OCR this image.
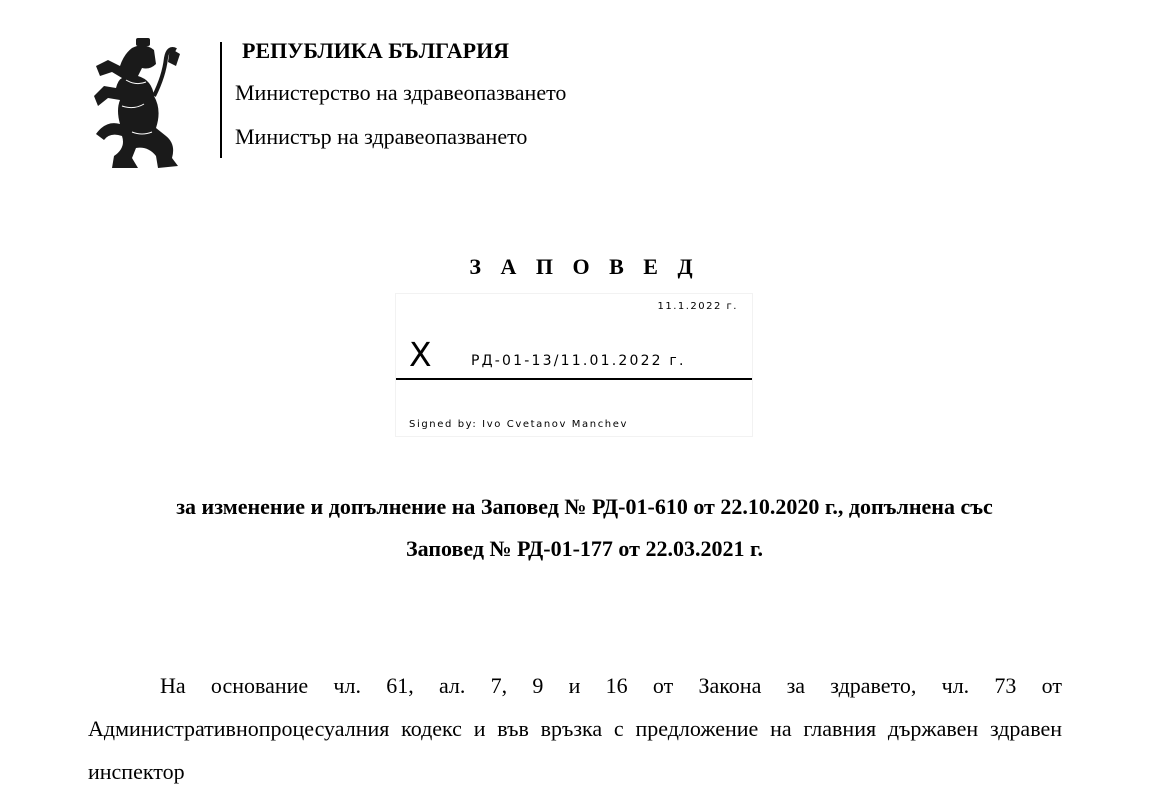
РЕПУБЛИКА БЪЛГАРИЯ
Министерство на здравеопазването
Министър на здравеопазването
З А П О В Е Д
11.1.2022 г.
X	РД-01-13/11.01.2022 г.
Signed by: Ivo Cvetanov Manchev
за изменение и допълнение на Заповед № РД-01-610 от 22.10.2020 г., допълнена със
Заповед № РД-01-177 от 22.03.2021 г.
На основание чл. 61, ал. 7, 9 и 16 от Закона за здравето, чл. 73 от Административнопроцесуалния кодекс и във връзка с предложение на главния държавен здравен инспектор
